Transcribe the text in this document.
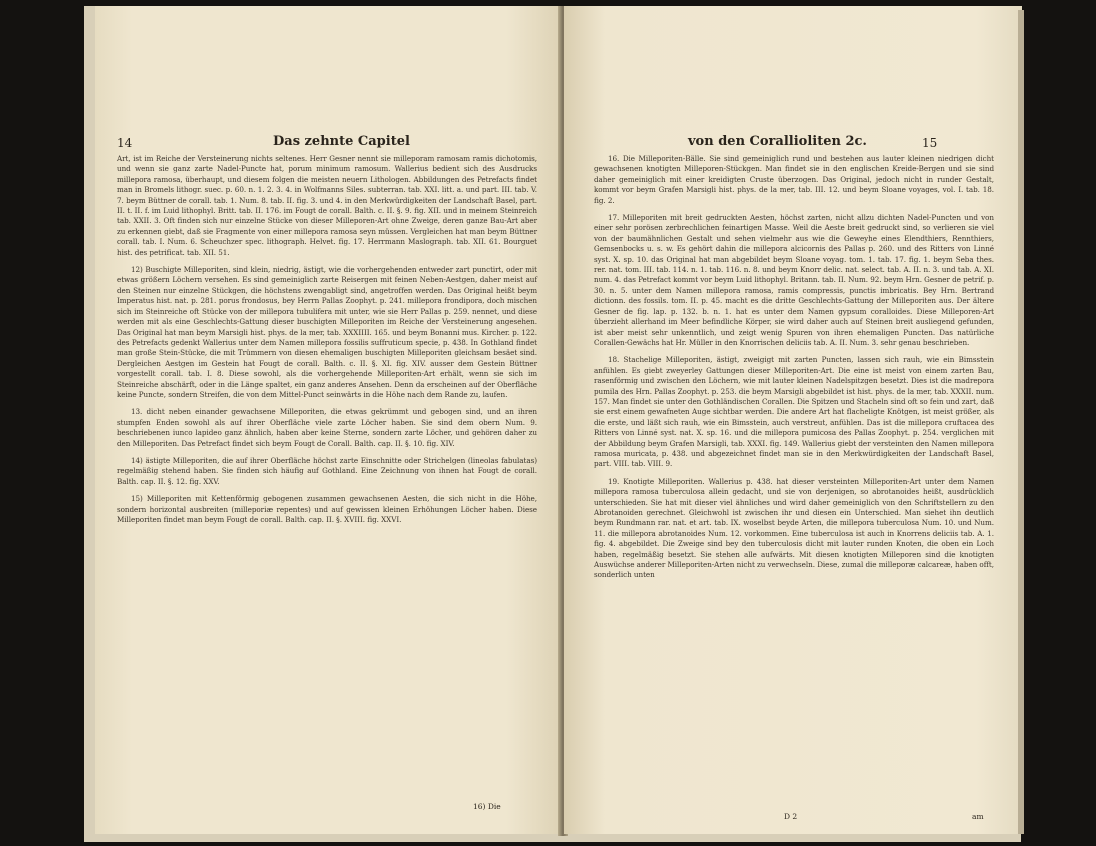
14	Das zehnte Capitel

Art, ist im Reiche der Versteinerung nichts seltenes. Herr Gesner nennt sie milleporam ramosam ramis dichotomis, und wenn sie ganz zarte Nadel-Puncte hat, porum minimum ramosum. Wallerius bedient sich des Ausdrucks millepora ramosa, überhaupt, und diesem folgen die meisten neuern Lithologen. Abbildungen des Petrefacts findet man in Bromels lithogr. suec. p. 60. n. 1. 2. 3. 4. in Wolfmanns Siles. subterran. tab. XXI. litt. a. und part. III. tab. V. 7. beym Büttner de corall. tab. 1. Num. 8. tab. II. fig. 3. und 4. in den Merkwürdigkeiten der Landschaft Basel, part. II. t. II. f. im Luid lithophyl. Britt. tab. II. 176. im Fougt de corall. Balth. c. II. §. 9. fig. XII. und in meinem Steinreich tab. XXII. 3. Oft finden sich nur einzelne Stücke von dieser Milleporen-Art ohne Zweige, deren ganze Bau-Art aber zu erkennen giebt, daß sie Fragmente von einer millepora ramosa seyn müssen. Vergleichen hat man beym Büttner corall. tab. I. Num. 6. Scheuchzer spec. lithograph. Helvet. fig. 17. Herrmann Maslograph. tab. XII. 61. Bourguet hist. des petrificat. tab. XII. 51.

12) Buschigte Milleporiten, sind klein, niedrig, ästigt, wie die vorhergehenden entweder zart punctirt, oder mit etwas größern Löchern versehen. Es sind gemeiniglich zarte Reisergen mit feinen Neben-Aestgen, daher meist auf den Steinen nur einzelne Stückgen, die höchstens zwengabligt sind, angetroffen werden. Das Original heißt beym Imperatus hist. nat. p. 281. porus frondosus, bey Herrn Pallas Zoophyt. p. 241. millepora frondipora, doch mischen sich im Steinreiche oft Stücke von der millepora tubulifera mit unter, wie sie Herr Pallas p. 259. nennet, und diese werden mit als eine Geschlechts-Gattung dieser buschigten Milleporiten im Reiche der Versteinerung angesehen. Das Original hat man beym Marsigli hist. phys. de la mer, tab. XXXIIII. 165. und beym Bonanni mus. Kircher. p. 122. des Petrefacts gedenkt Wallerius unter dem Namen millepora fossilis suffruticum specie, p. 438. In Gothland findet man große Stein-Stücke, die mit Trümmern von diesen ehemaligen buschigten Milleporiten gleichsam besäet sind. Dergleichen Aestgen im Gestein hat Fougt de corall. Balth. c. II. §. XI. fig. XIV. ausser dem Gestein Büttner vorgestellt corall. tab. I. 8. Diese sowohl, als die vorhergehende Milleporiten-Art erhält, wenn sie sich im Steinreiche abschärft, oder in die Länge spaltet, ein ganz anderes Ansehen. Denn da erscheinen auf der Oberfläche keine Puncte, sondern Streifen, die von dem Mittel-Punct seinwärts in die Höhe nach dem Rande zu, laufen.

13. dicht neben einander gewachsene Milleporiten, die etwas gekrümmt und gebogen sind, und an ihren stumpfen Enden sowohl als auf ihrer Oberfläche viele zarte Löcher haben. Sie sind dem obern Num. 9. beschriebenen iunco lapideo ganz ähnlich, haben aber keine Sterne, sondern zarte Löcher, und gehören daher zu den Milleporiten. Das Petrefact findet sich beym Fougt de Corall. Balth. cap. II. §. 10. fig. XIV.

14) ästigte Milleporiten, die auf ihrer Oberfläche höchst zarte Einschnitte oder Strichelgen (lineolas fabulatas) regelmäßig stehend haben. Sie finden sich häufig auf Gothland. Eine Zeichnung von ihnen hat Fougt de corall. Balth. cap. II. §. 12. fig. XXV.

15) Milleporiten mit Kettenförmig gebogenen zusammen gewachsenen Aesten, die sich nicht in die Höhe, sondern horizontal ausbreiten (milleporiæ repentes) und auf gewissen kleinen Erhöhungen Löcher haben. Diese Milleporiten findet man beym Fougt de corall. Balth. cap. II. §. XVIII. fig. XXVI.

16) Die
von den Corallioliten 2c.	15

16. Die Milleporiten-Bälle. Sie sind gemeiniglich rund und bestehen aus lauter kleinen niedrigen dicht gewachsenen knotigten Milleporen-Stückgen. Man findet sie in den englischen Kreide-Bergen und sie sind daher gemeiniglich mit einer kreidigten Cruste überzogen. Das Original, jedoch nicht in runder Gestalt, kommt vor beym Grafen Marsigli hist. phys. de la mer, tab. III. 12. und beym Sloane voyages, vol. I. tab. 18. fig. 2.

17. Milleporiten mit breit gedruckten Aesten, höchst zarten, nicht allzu dichten Nadel-Puncten und von einer sehr porösen zerbrechlichen feinartigen Masse. Weil die Aeste breit gedruckt sind, so verlieren sie viel von der baumähnlichen Gestalt und sehen vielmehr aus wie die Geweyhe eines Elendthiers, Rennthiers, Gemsenbocks u. s. w. Es gehört dahin die millepora alcicornis des Pallas p. 260. und des Ritters von Linné syst. X. sp. 10. das Original hat man abgebildet beym Sloane voyag. tom. 1. tab. 17. fig. 1. beym Seba thes. rer. nat. tom. III. tab. 114. n. 1. tab. 116. n. 8. und beym Knorr delic. nat. select. tab. A. II. n. 3. und tab. A. XI. num. 4. das Petrefact kommt vor beym Luid lithophyl. Britann. tab. II. Num. 92. beym Hrn. Gesner de petrif. p. 30. n. 5. unter dem Namen millepora ramosa, ramis compressis, punctis imbricatis. Bey Hrn. Bertrand dictionn. des fossils. tom. II. p. 45. macht es die dritte Geschlechts-Gattung der Milleporiten aus. Der ältere Gesner de fig. lap. p. 132. b. n. 1. hat es unter dem Namen gypsum coralloides. Diese Milleporen-Art überzieht allerhand im Meer befindliche Körper, sie wird daher auch auf Steinen breit ausliegend gefunden, ist aber meist sehr unkenntlich, und zeigt wenig Spuren von ihren ehemaligen Puncten. Das natürliche Corallen-Gewächs hat Hr. Müller in den Knorrischen deliciis tab. A. II. Num. 3. sehr genau beschrieben.

18. Stachelige Milleporiten, ästigt, zweigigt mit zarten Puncten, lassen sich rauh, wie ein Bimsstein anfühlen. Es giebt zweyerley Gattungen dieser Milleporiten-Art. Die eine ist meist von einem zarten Bau, rasenförmig und zwischen den Löchern, wie mit lauter kleinen Nadelspitzgen besetzt. Dies ist die madrepora pumila des Hrn. Pallas Zoophyt. p. 253. die beym Marsigli abgebildet ist hist. phys. de la mer, tab. XXXII. num. 157. Man findet sie unter den Gothländischen Corallen. Die Spitzen und Stacheln sind oft so fein und zart, daß sie erst einem gewafneten Auge sichtbar werden. Die andere Art hat flacheligte Knötgen, ist meist größer, als die erste, und läßt sich rauh, wie ein Bimsstein, auch verstreut, anfühlen. Das ist die millepora cruftacea des Ritters von Linné syst. nat. X. sp. 16. und die millepora pumicosa des Pallas Zoophyt. p. 254. verglichen mit der Abbildung beym Grafen Marsigli, tab. XXXI. fig. 149. Wallerius giebt der versteinten den Namen millepora ramosa muricata, p. 438. und abgezeichnet findet man sie in den Merkwürdigkeiten der Landschaft Basel, part. VIII. tab. VIII. 9.

19. Knotigte Milleporiten. Wallerius p. 438. hat dieser versteinten Milleporiten-Art unter dem Namen millepora ramosa tuberculosa allein gedacht, und sie von derjenigen, so abrotanoides heißt, ausdrücklich unterschieden. Sie hat mit dieser viel ähnliches und wird daher gemeiniglich von den Schriftstellern zu den Abrotanoiden gerechnet. Gleichwohl ist zwischen ihr und diesen ein Unterschied. Man siehet ihn deutlich beym Rundmann rar. nat. et art. tab. IX. woselbst beyde Arten, die millepora tuberculosa Num. 10. und Num. 11. die millepora abrotanoides Num. 12. vorkommen. Eine tuberculosa ist auch in Knorrens deliciis tab. A. 1. fig. 4. abgebildet. Die Zweige sind bey den tuberculosis dicht mit lauter runden Knoten, die oben ein Loch haben, regelmäßig besetzt. Sie stehen alle aufwärts. Mit diesen knotigten Milleporen sind die knotigten Auswüchse anderer Milleporiten-Arten nicht zu verwechseln. Diese, zumal die milleporæ calcareæ, haben offt, sonderlich unten

D 2	am
